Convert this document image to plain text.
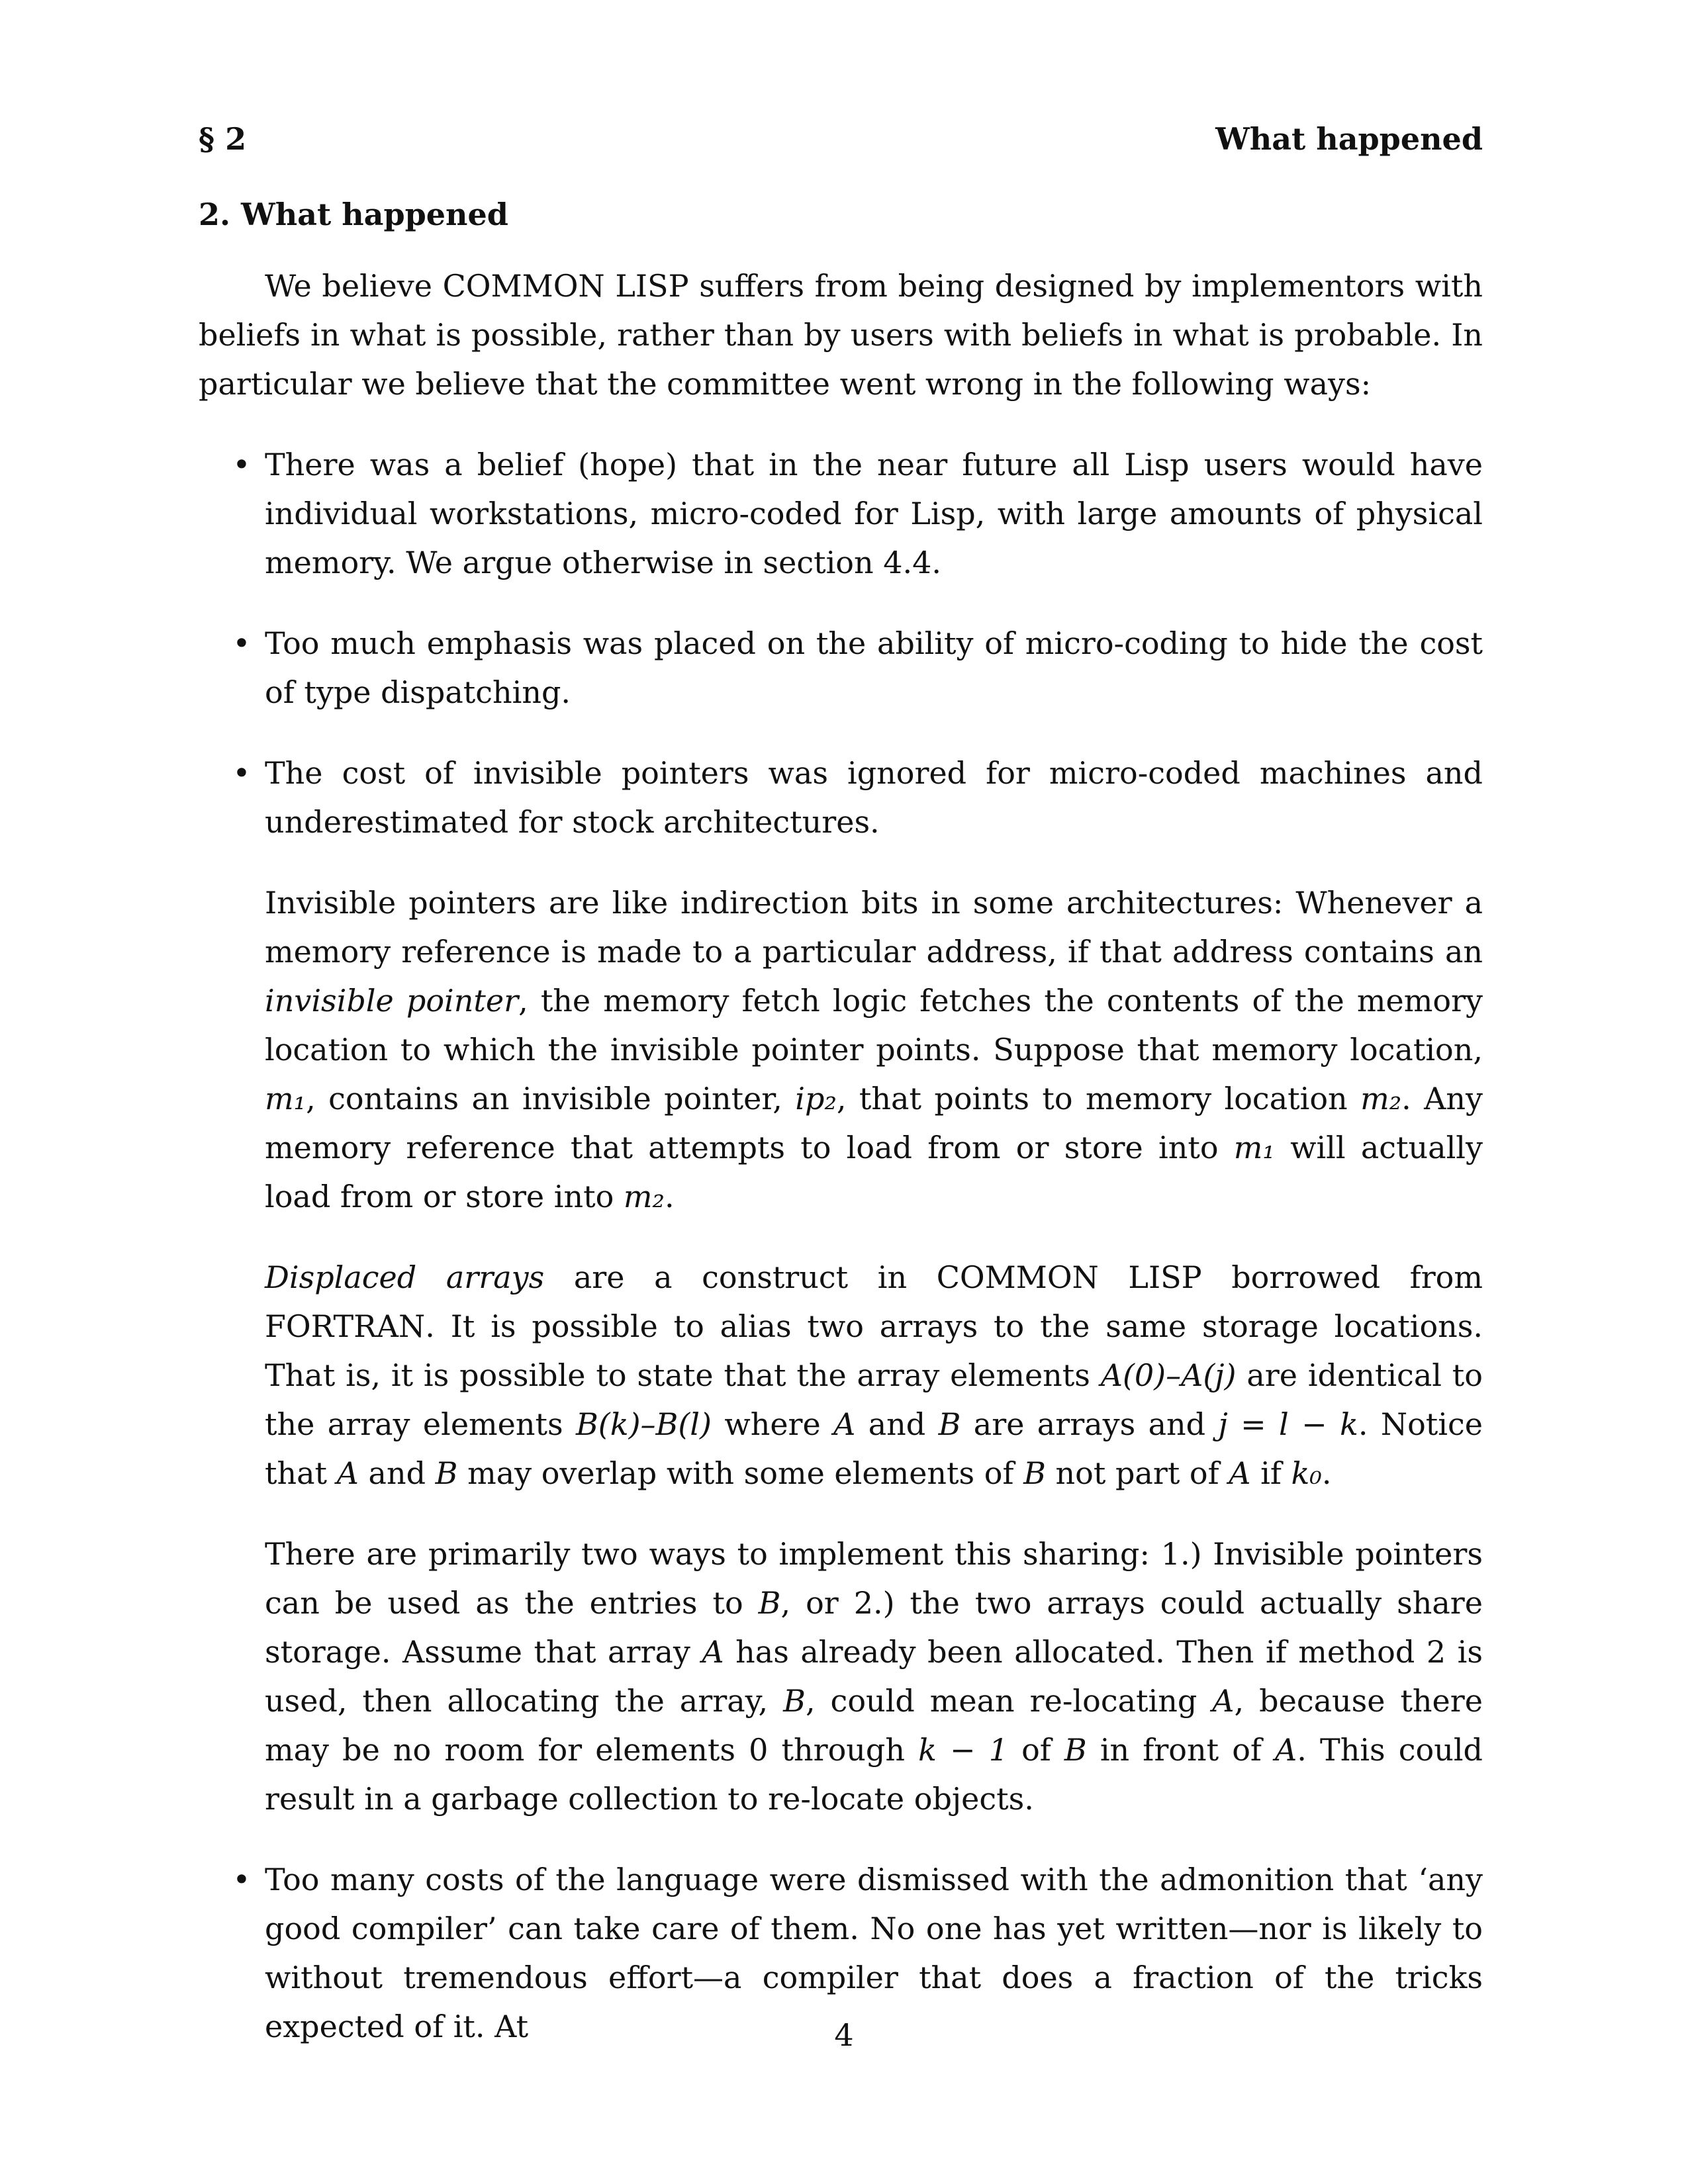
§ 2	What happened
2. What happened

We believe COMMON LISP suffers from being designed by implementors with beliefs in what is possible, rather than by users with beliefs in what is probable. In particular we believe that the committee went wrong in the following ways:

• There was a belief (hope) that in the near future all Lisp users would have individual workstations, micro-coded for Lisp, with large amounts of physical memory. We argue otherwise in section 4.4.
• Too much emphasis was placed on the ability of micro-coding to hide the cost of type dispatching.
• The cost of invisible pointers was ignored for micro-coded machines and underestimated for stock architectures.
Invisible pointers are like indirection bits in some architectures: Whenever a memory reference is made to a particular address, if that address contains an invisible pointer, the memory fetch logic fetches the contents of the memory location to which the invisible pointer points. Suppose that memory location, m₁, contains an invisible pointer, ip₂, that points to memory location m₂. Any memory reference that attempts to load from or store into m₁ will actually load from or store into m₂.
Displaced arrays are a construct in COMMON LISP borrowed from FORTRAN. It is possible to alias two arrays to the same storage locations. That is, it is possible to state that the array elements A(0)–A(j) are identical to the array elements B(k)–B(l) where A and B are arrays and j = l − k. Notice that A and B may overlap with some elements of B not part of A if k₀.
There are primarily two ways to implement this sharing: 1.) Invisible pointers can be used as the entries to B, or 2.) the two arrays could actually share storage. Assume that array A has already been allocated. Then if method 2 is used, then allocating the array, B, could mean re-locating A, because there may be no room for elements 0 through k − 1 of B in front of A. This could result in a garbage collection to re-locate objects.
• Too many costs of the language were dismissed with the admonition that ‘any good compiler’ can take care of them. No one has yet written—nor is likely to without tremendous effort—a compiler that does a fraction of the tricks expected of it. At	4
